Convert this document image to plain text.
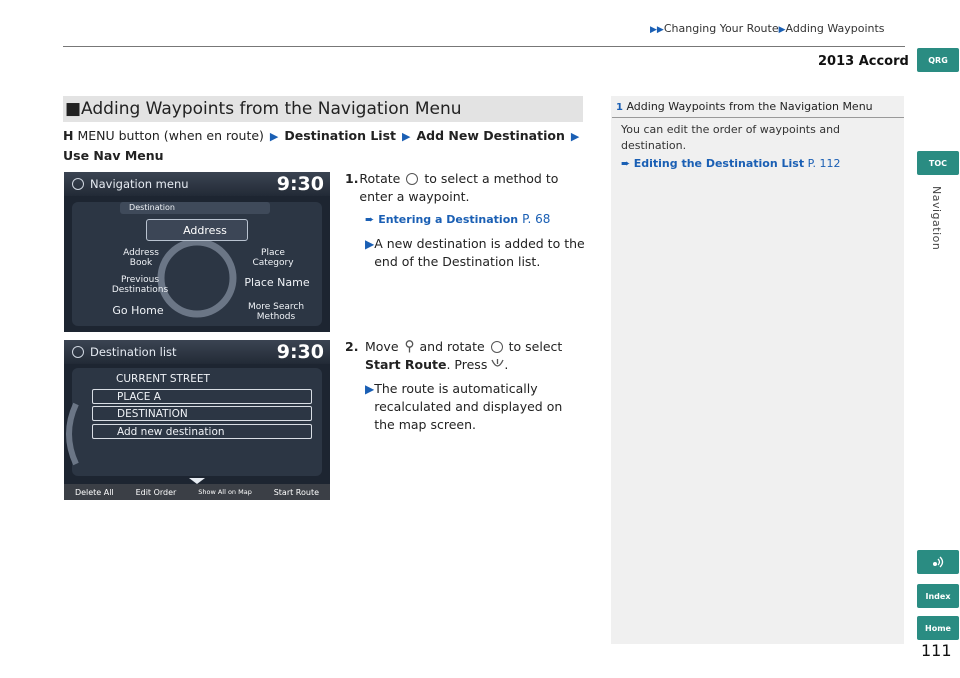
▶▶Changing Your Route▶Adding Waypoints
2013 Accord	QRG
TOC
Navigation
Index
Home
■Adding Waypoints from the Navigation Menu
H MENU button (when en route) ▶ Destination List ▶ Add New Destination ▶
Use Nav Menu
1. Rotate to select a method to enter a waypoint.
➨ Entering a Destination P. 68
▶ A new destination is added to the end of the Destination list.
2. Move and rotate to select
Start Route. Press .
▶ The route is automatically recalculated and displayed on the map screen.
Navigation menu	9:30
Destination
Address
Address Book
Place Category
Previous Destinations
Place Name
Go Home	More Search Methods
Destination list	9:30
CURRENT STREET
PLACE A
DESTINATION
Add new destination
Delete All	Edit Order	Show All on Map	Start Route
1 Adding Waypoints from the Navigation Menu
You can edit the order of waypoints and destination.
➨ Editing the Destination List P. 112
111
